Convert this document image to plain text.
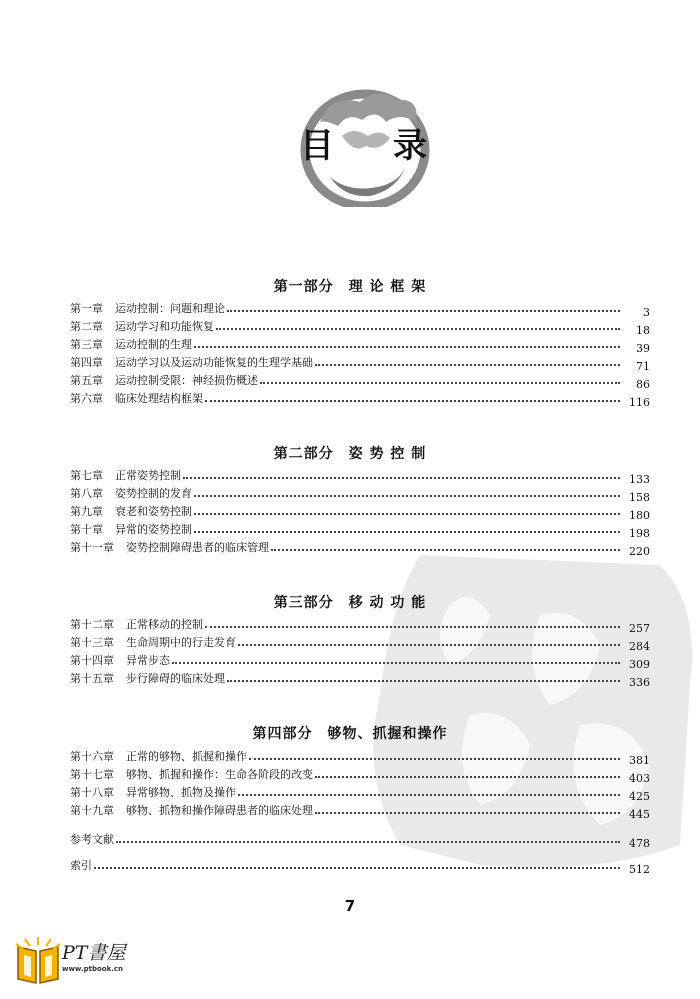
目 录
第一部分　理 论 框 架
第一章 运动控制：问题和理论	3
第二章 运动学习和功能恢复	18
第三章 运动控制的生理	39
第四章 运动学习以及运动功能恢复的生理学基础	71
第五章 运动控制受限：神经损伤概述	86
第六章 临床处理结构框架	116
第二部分　姿 势 控 制
第七章 正常姿势控制	133
第八章 姿势控制的发育	158
第九章 衰老和姿势控制	180
第十章 异常的姿势控制	198
第十一章 姿势控制障碍患者的临床管理	220
第三部分　移 动 功 能
第十二章 正常移动的控制	257
第十三章 生命周期中的行走发育	284
第十四章 异常步态	309
第十五章 步行障碍的临床处理	336
第四部分　够物、抓握和操作
第十六章 正常的够物、抓握和操作	381
第十七章 够物、抓握和操作：生命各阶段的改变	403
第十八章 异常够物、抓物及操作	425
第十九章 够物、抓物和操作障碍患者的临床处理	445
参考文献	478
索引	512
7
PT書屋
www.ptbook.cn
